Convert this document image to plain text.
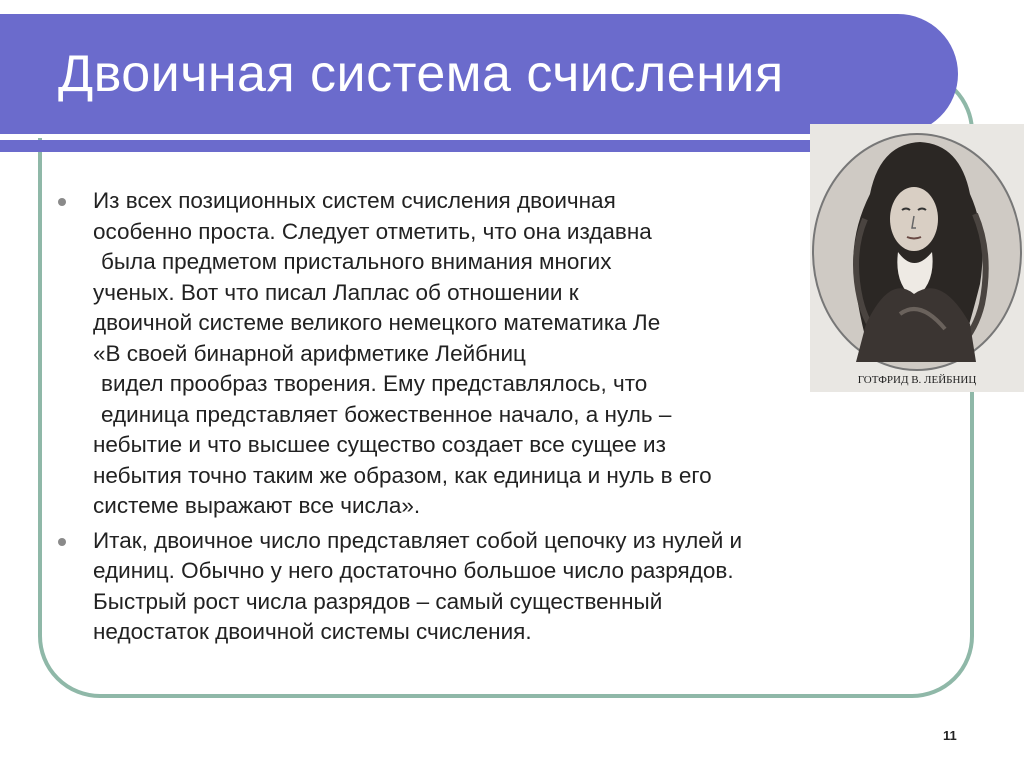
Двоичная система счисления
ГОТФРИД В. ЛЕЙБНИЦ
Из всех позиционных систем счисления двоичная
особенно проста. Следует отметить, что она издавна
была предметом пристального внимания многих
ученых. Вот что писал Лаплас об отношении к
двоичной системе великого немецкого математика Ле
«В своей бинарной арифметике Лейбниц
видел прообраз творения. Ему представлялось, что
единица представляет божественное начало, а нуль –
небытие и что высшее существо создает все сущее из
небытия точно таким же образом, как единица и нуль в его
системе выражают все числа».
Итак, двоичное число представляет собой цепочку из нулей и
единиц. Обычно у него достаточно большое число разрядов.
Быстрый рост числа разрядов – самый существенный
недостаток двоичной системы счисления.
11
